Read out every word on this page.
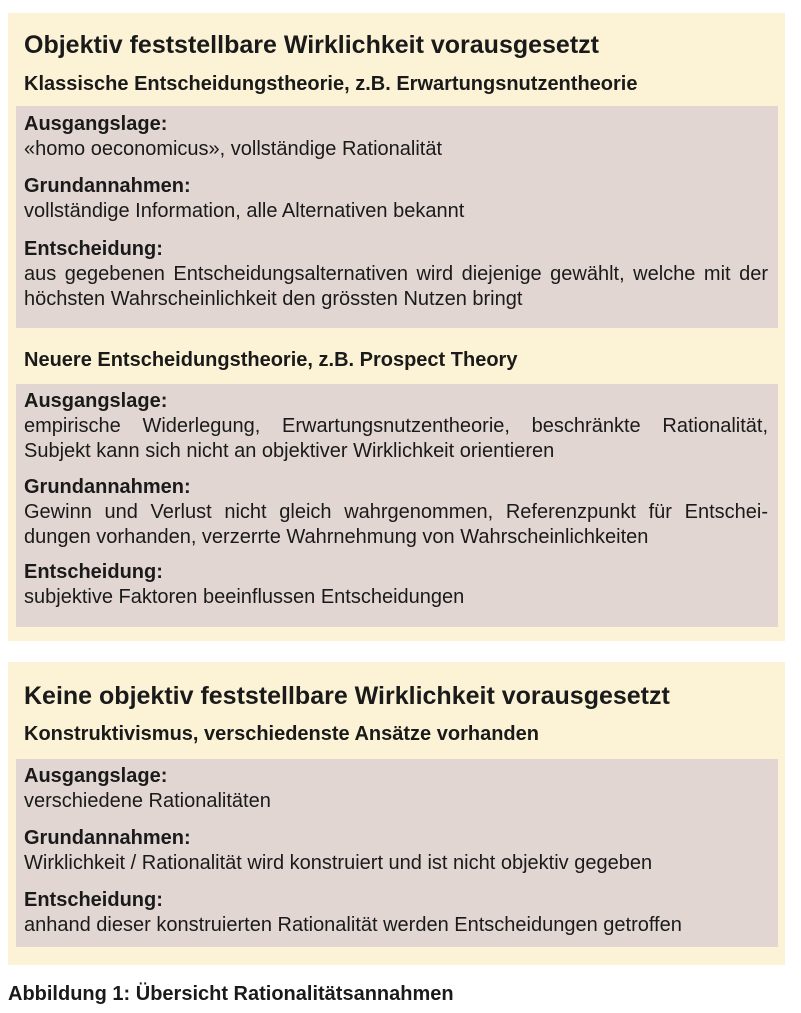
Objektiv feststellbare Wirklichkeit vorausgesetzt
Klassische Entscheidungstheorie, z.B. Erwartungsnutzentheorie
Ausgangslage:
«homo oeconomicus», vollständige Rationalität
Grundannahmen:
vollständige Information, alle Alternativen bekannt
Entscheidung:
aus gegebenen Entscheidungsalternativen wird diejenige gewählt, welche mit der höchsten Wahrscheinlichkeit den grössten Nutzen bringt
Neuere Entscheidungstheorie, z.B. Prospect Theory
Ausgangslage:
empirische Widerlegung, Erwartungsnutzentheorie, beschränkte Rationalität, Subjekt kann sich nicht an objektiver Wirklichkeit orientieren
Grundannahmen:
Gewinn und Verlust nicht gleich wahrgenommen, Referenzpunkt für Entscheidungen vorhanden, verzerrte Wahrnehmung von Wahrscheinlichkeiten
Entscheidung:
subjektive Faktoren beeinflussen Entscheidungen
Keine objektiv feststellbare Wirklichkeit vorausgesetzt
Konstruktivismus, verschiedenste Ansätze vorhanden
Ausgangslage:
verschiedene Rationalitäten
Grundannahmen:
Wirklichkeit / Rationalität wird konstruiert und ist nicht objektiv gegeben
Entscheidung:
anhand dieser konstruierten Rationalität werden Entscheidungen getroffen
Abbildung 1: Übersicht Rationalitätsannahmen
